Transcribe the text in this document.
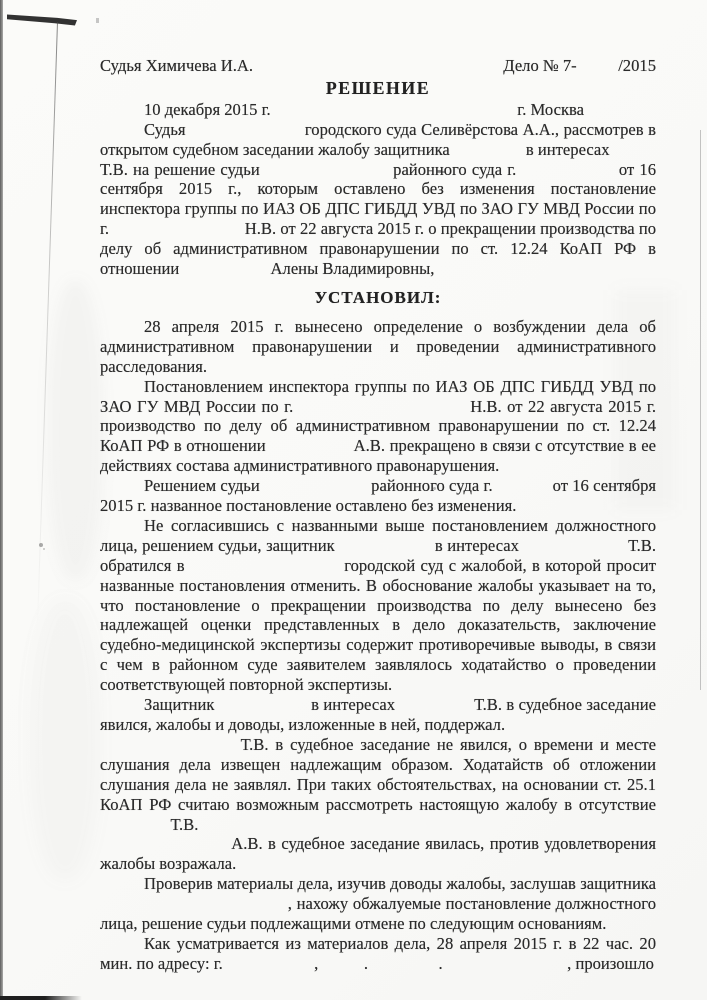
Судья Химичева И.А.	Дело № 7-          /2015
РЕШЕНИЕ
10 декабря 2015 г.	г. Москва

Судья                          городского суда Селивёрстова А.А., рассмотрев в открытом судебном заседании жалобу защитника                  в интересах            Т.В. на решение судьи                          районного суда г.                    от 16 сентября 2015 г., которым оставлено без изменения постановление инспектора группы по ИАЗ ОБ ДПС ГИБДД УВД по ЗАО ГУ МВД России по г.                                Н.В. от 22 августа 2015 г. о прекращении производства по делу об административном правонарушении по ст. 12.24 КоАП РФ в отношении                      Алены Владимировны,

УСТАНОВИЛ:

28 апреля 2015 г. вынесено определение о возбуждении дела об административном правонарушении и проведении административного расследования.

Постановлением инспектора группы по ИАЗ ОБ ДПС ГИБДД УВД по ЗАО ГУ МВД России по г.                                Н.В. от 22 августа 2015 г. производство по делу об административном правонарушении по ст. 12.24 КоАП РФ в отношении                   А.В. прекращено в связи с отсутствие в ее действиях состава административного правонарушения.

Решением судьи                          районного суда г.              от 16 сентября 2015 г. названное постановление оставлено без изменения.

Не согласившись с названными выше постановлением должностного лица, решением судьи, защитник                      в интересах                        Т.В. обратился в                              городской суд с жалобой, в которой просит названные постановления отменить. В обоснование жалобы указывает на то, что постановление о прекращении производства по делу вынесено без надлежащей оценки представленных в дело доказательств, заключение судебно-медицинской экспертизы содержит противоречивые выводы, в связи с чем в районном суде заявителем заявлялось ходатайство о проведении соответствующей повторной экспертизы.

Защитник                      в интересах                  Т.В. в судебное заседание явился, жалобы и доводы, изложенные в ней, поддержал.

Т.В. в судебное заседание не явился, о времени и месте слушания дела извещен надлежащим образом. Ходатайств об отложении слушания дела не заявлял. При таких обстоятельствах, на основании ст. 25.1 КоАП РФ считаю возможным рассмотреть настоящую жалобу в отсутствие                  Т.В.

А.В. в судебное заседание явилась, против удовлетворения жалобы возражала.

Проверив материалы дела, изучив доводы жалобы, заслушав защитника                                         , нахожу обжалуемые постановление должностного лица, решение судьи подлежащими отмене по следующим основаниям.

Как усматривается из материалов дела, 28 апреля 2015 г. в 22 час. 20 мин. по адресу: г.                      ,           .                 .                              , произошло
